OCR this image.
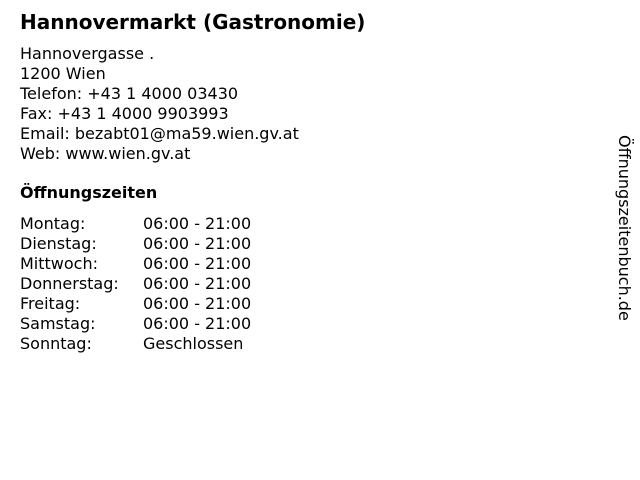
Hannovermarkt (Gastronomie)
Hannovergasse .
1200 Wien
Telefon: +43 1 4000 03430
Fax: +43 1 4000 9903993
Email: bezabt01@ma59.wien.gv.at
Web: www.wien.gv.at
Öffnungszeiten
Montag:	06:00 - 21:00
Dienstag:	06:00 - 21:00
Mittwoch:	06:00 - 21:00
Donnerstag: 06:00 - 21:00
Freitag:	06:00 - 21:00
Samstag:	06:00 - 21:00
Sonntag:	Geschlossen
Öffnungszeitenbuch.de
